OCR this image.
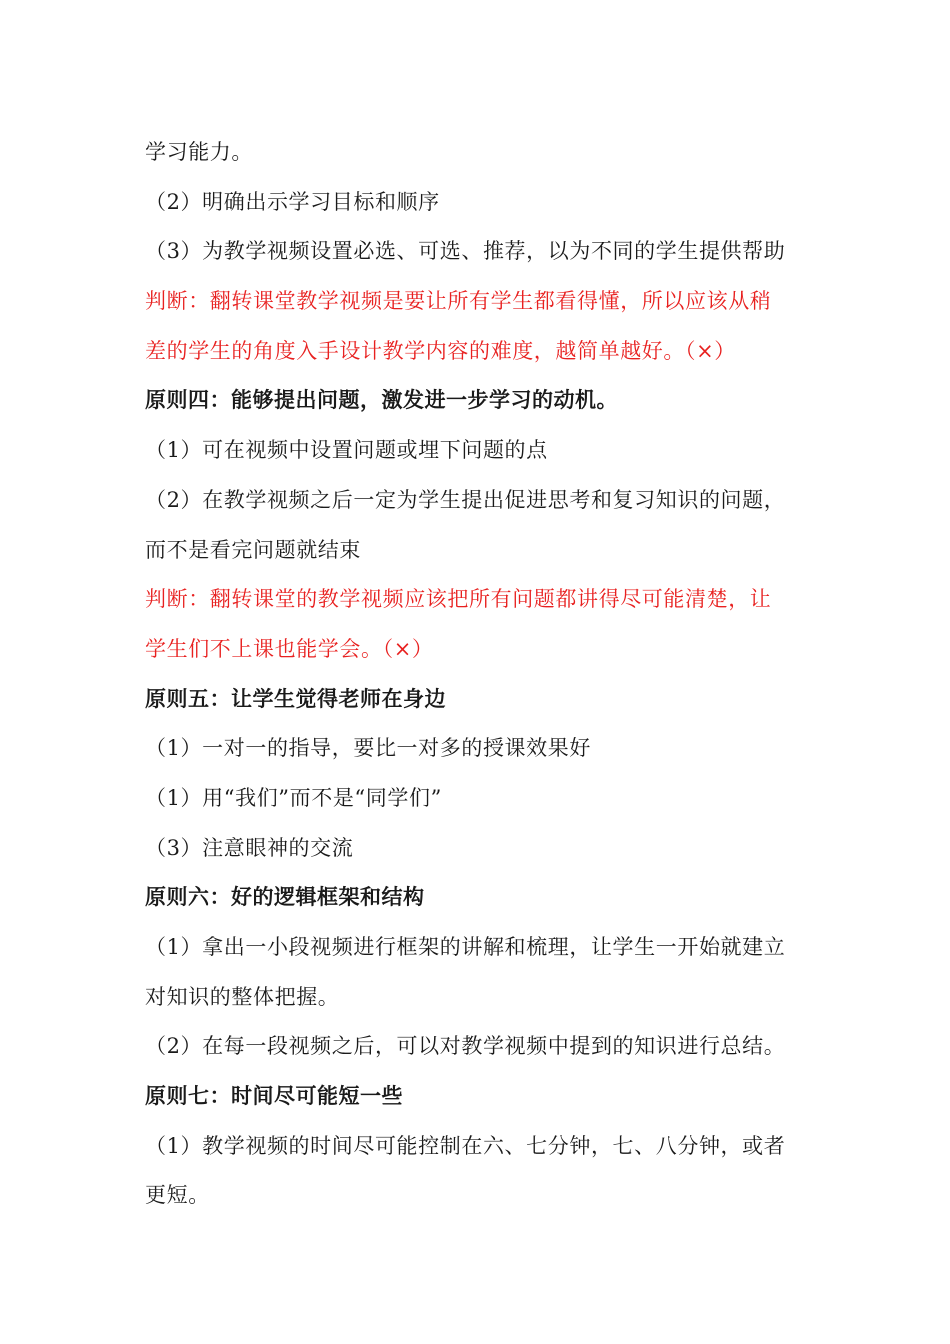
学习能力。
（2）明确出示学习目标和顺序
（3）为教学视频设置必选、可选、推荐，以为不同的学生提供帮助
判断：翻转课堂教学视频是要让所有学生都看得懂，所以应该从稍
差的学生的角度入手设计教学内容的难度，越简单越好。（×）
原则四：能够提出问题，激发进一步学习的动机。
（1）可在视频中设置问题或埋下问题的点
（2）在教学视频之后一定为学生提出促进思考和复习知识的问题，
而不是看完问题就结束
判断：翻转课堂的教学视频应该把所有问题都讲得尽可能清楚，让
学生们不上课也能学会。（×）
原则五：让学生觉得老师在身边
（1）一对一的指导，要比一对多的授课效果好
（1）用“我们”而不是“同学们”
（3）注意眼神的交流
原则六：好的逻辑框架和结构
（1）拿出一小段视频进行框架的讲解和梳理，让学生一开始就建立
对知识的整体把握。
（2）在每一段视频之后，可以对教学视频中提到的知识进行总结。
原则七：时间尽可能短一些
（1）教学视频的时间尽可能控制在六、七分钟，七、八分钟，或者
更短。
